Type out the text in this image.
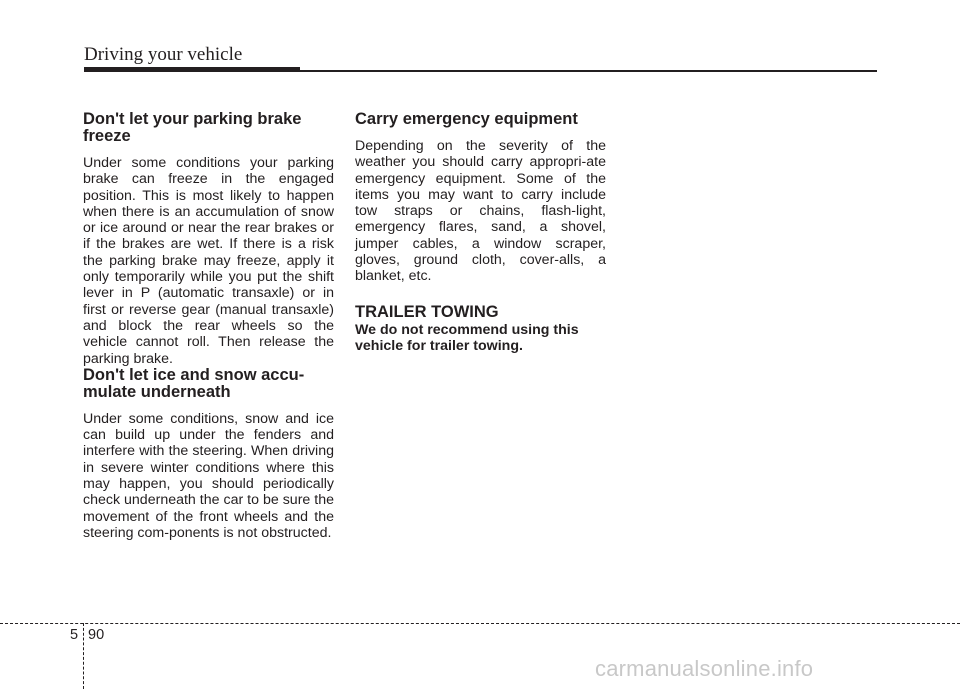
Driving your vehicle
Don't let your parking brake freeze

Under some conditions your parking brake can freeze in the engaged position. This is most likely to happen when there is an accumulation of snow or ice around or near the rear brakes or if the brakes are wet. If there is a risk the parking brake may freeze, apply it only temporarily while you put the shift lever in P (automatic transaxle) or in first or reverse gear (manual transaxle) and block the rear wheels so the vehicle cannot roll. Then release the parking brake.

Don't let ice and snow accu-mulate underneath

Under some conditions, snow and ice can build up under the fenders and interfere with the steering. When driving in severe winter conditions where this may happen, you should periodically check underneath the car to be sure the movement of the front wheels and the steering com-ponents is not obstructed.

Carry emergency equipment

Depending on the severity of the weather you should carry appropri-ate emergency equipment. Some of the items you may want to carry include tow straps or chains, flash-light, emergency flares, sand, a shovel, jumper cables, a window scraper, gloves, ground cloth, cover-alls, a blanket, etc.

TRAILER TOWING

We do not recommend using this vehicle for trailer towing.

5 90
carmanualsonline.info
